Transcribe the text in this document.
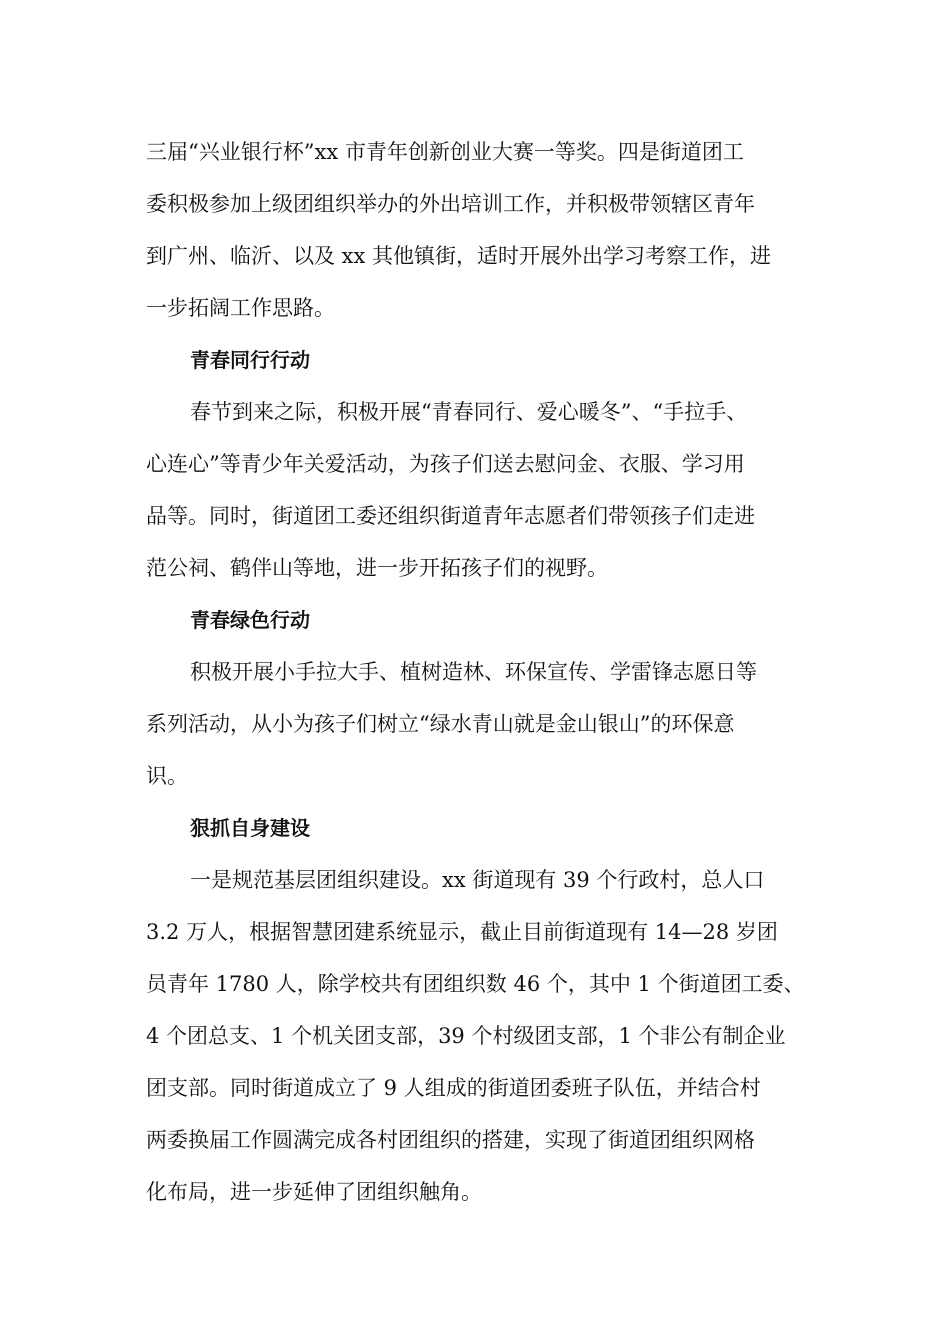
三届“兴业银行杯”xx 市青年创新创业大赛一等奖。四是街道团工
委积极参加上级团组织举办的外出培训工作，并积极带领辖区青年
到广州、临沂、以及 xx 其他镇街，适时开展外出学习考察工作，进
一步拓阔工作思路。
青春同行行动
春节到来之际，积极开展“青春同行、爱心暖冬”、“手拉手、
心连心”等青少年关爱活动，为孩子们送去慰问金、衣服、学习用
品等。同时，街道团工委还组织街道青年志愿者们带领孩子们走进
范公祠、鹤伴山等地，进一步开拓孩子们的视野。
青春绿色行动
积极开展小手拉大手、植树造林、环保宣传、学雷锋志愿日等
系列活动，从小为孩子们树立“绿水青山就是金山银山”的环保意
识。
狠抓自身建设
一是规范基层团组织建设。xx 街道现有 39 个行政村，总人口
3.2 万人，根据智慧团建系统显示，截止目前街道现有 14—28 岁团
员青年 1780 人，除学校共有团组织数 46 个，其中 1 个街道团工委、
4 个团总支、1 个机关团支部，39 个村级团支部，1 个非公有制企业
团支部。同时街道成立了 9 人组成的街道团委班子队伍，并结合村
两委换届工作圆满完成各村团组织的搭建，实现了街道团组织网格
化布局，进一步延伸了团组织触角。
